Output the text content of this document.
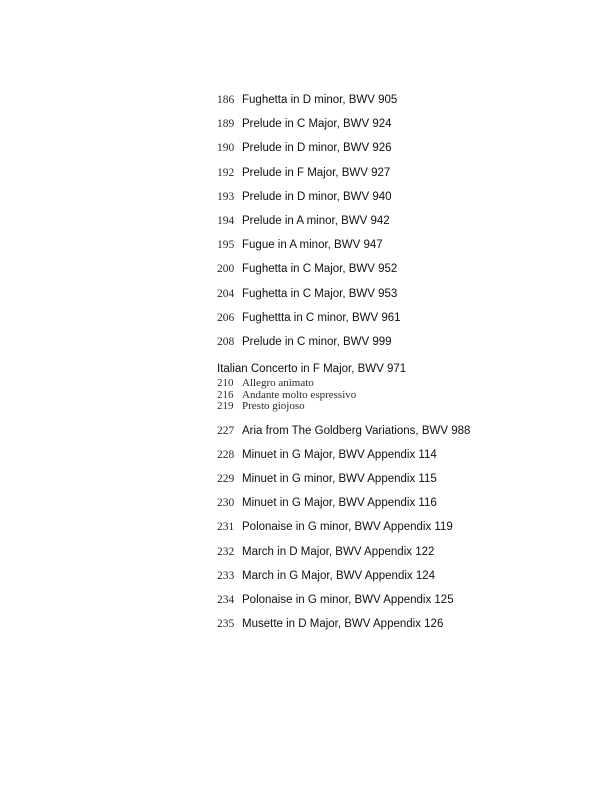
186 Fughetta in D minor, BWV 905
189 Prelude in C Major, BWV 924
190 Prelude in D minor, BWV 926
192 Prelude in F Major, BWV 927
193 Prelude in D minor, BWV 940
194 Prelude in A minor, BWV 942
195 Fugue in A minor, BWV 947
200 Fughetta in C Major, BWV 952
204 Fughetta in C Major, BWV 953
206 Fughettta in C minor, BWV 961
208 Prelude in C minor, BWV 999
Italian Concerto in F Major, BWV 971
210 Allegro animato
216 Andante molto espressivo
219 Presto giojoso
227 Aria from The Goldberg Variations, BWV 988
228 Minuet in G Major, BWV Appendix 114
229 Minuet in G minor, BWV Appendix 115
230 Minuet in G Major, BWV Appendix 116
231 Polonaise in G minor, BWV Appendix 119
232 March in D Major, BWV Appendix 122
233 March in G Major, BWV Appendix 124
234 Polonaise in G minor, BWV Appendix 125
235 Musette in D Major, BWV Appendix 126
